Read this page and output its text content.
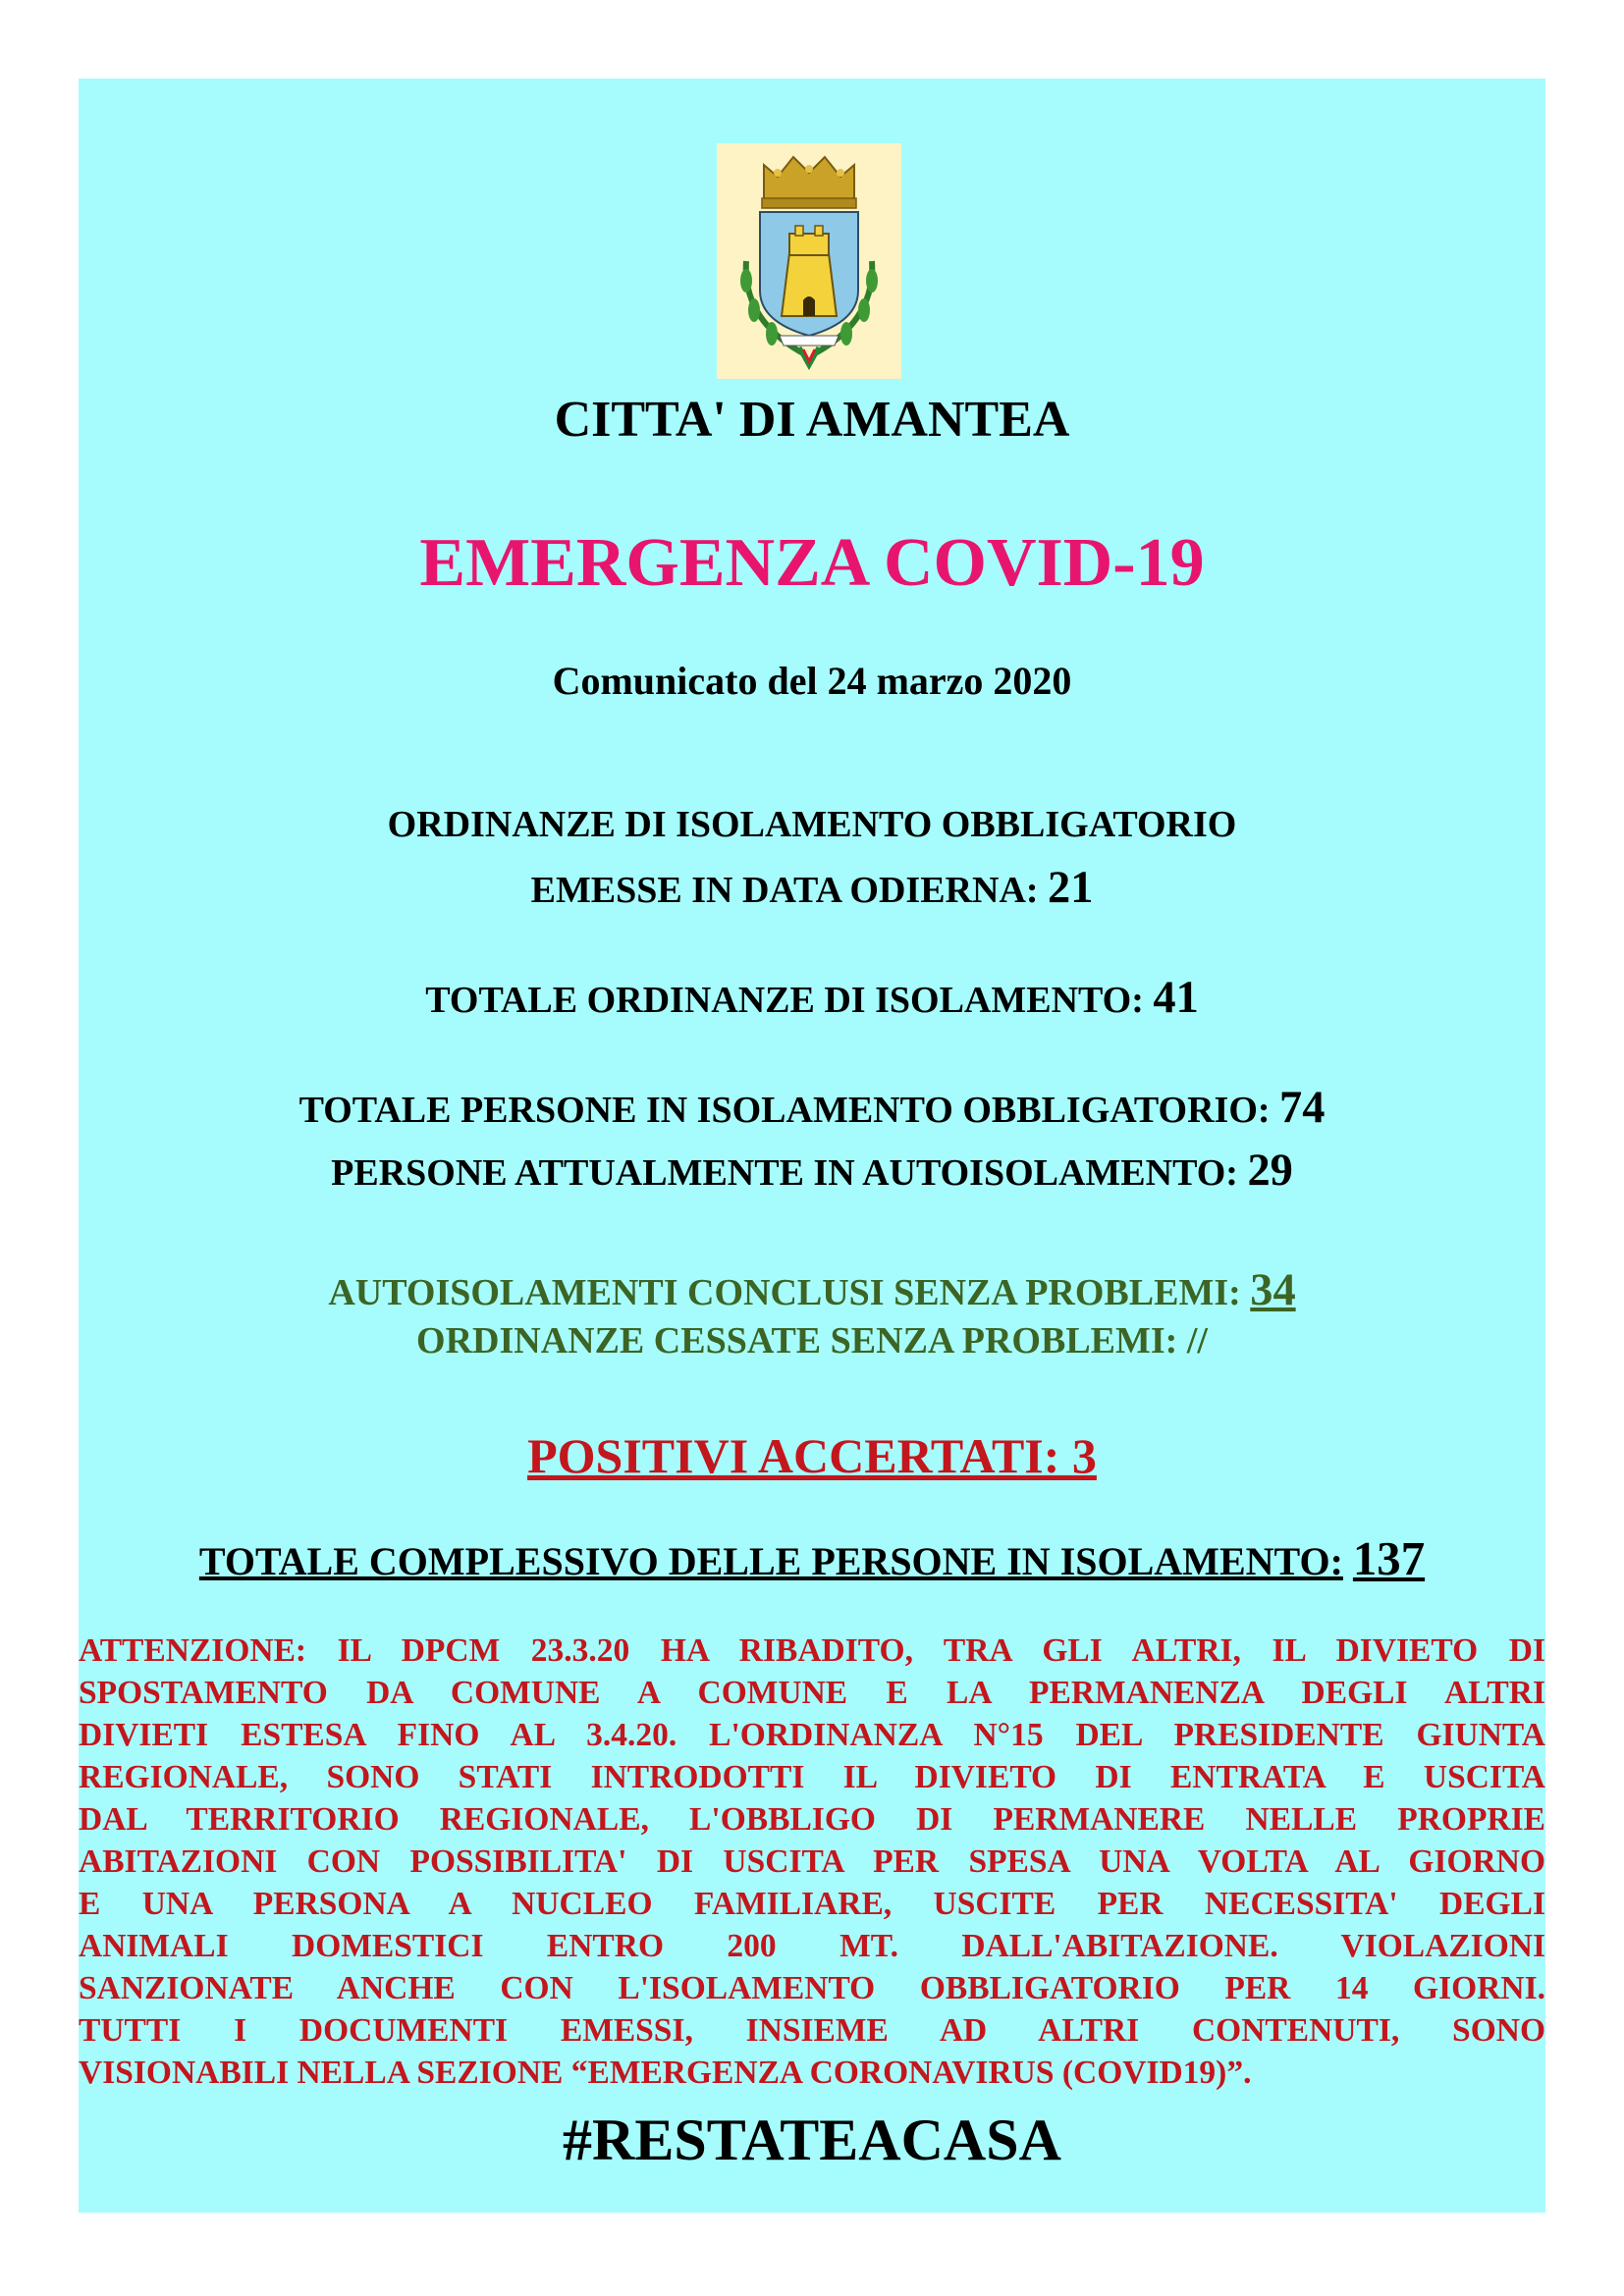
CITTA' DI AMANTEA
EMERGENZA COVID-19
Comunicato del 24 marzo 2020
ORDINANZE DI ISOLAMENTO OBBLIGATORIO
EMESSE IN DATA ODIERNA: 21
TOTALE ORDINANZE DI ISOLAMENTO: 41
TOTALE PERSONE IN ISOLAMENTO OBBLIGATORIO: 74
PERSONE ATTUALMENTE IN AUTOISOLAMENTO: 29
AUTOISOLAMENTI CONCLUSI SENZA PROBLEMI: 34
ORDINANZE CESSATE SENZA PROBLEMI: //
POSITIVI ACCERTATI: 3
TOTALE COMPLESSIVO DELLE PERSONE IN ISOLAMENTO: 137
ATTENZIONE: IL DPCM 23.3.20 HA RIBADITO, TRA GLI ALTRI, IL DIVIETO DI
SPOSTAMENTO DA COMUNE A COMUNE E LA PERMANENZA DEGLI ALTRI
DIVIETI ESTESA FINO AL 3.4.20. L'ORDINANZA N°15 DEL PRESIDENTE GIUNTA
REGIONALE, SONO STATI INTRODOTTI IL DIVIETO DI ENTRATA E USCITA
DAL TERRITORIO REGIONALE, L'OBBLIGO DI PERMANERE NELLE PROPRIE
ABITAZIONI CON POSSIBILITA' DI USCITA PER SPESA UNA VOLTA AL GIORNO
E UNA PERSONA A NUCLEO FAMILIARE, USCITE PER NECESSITA' DEGLI
ANIMALI DOMESTICI ENTRO 200 MT. DALL'ABITAZIONE. VIOLAZIONI
SANZIONATE ANCHE CON L'ISOLAMENTO OBBLIGATORIO PER 14 GIORNI.
TUTTI I DOCUMENTI EMESSI, INSIEME AD ALTRI CONTENUTI, SONO
VISIONABILI NELLA SEZIONE “EMERGENZA CORONAVIRUS (COVID19)”.
#RESTATEACASA
